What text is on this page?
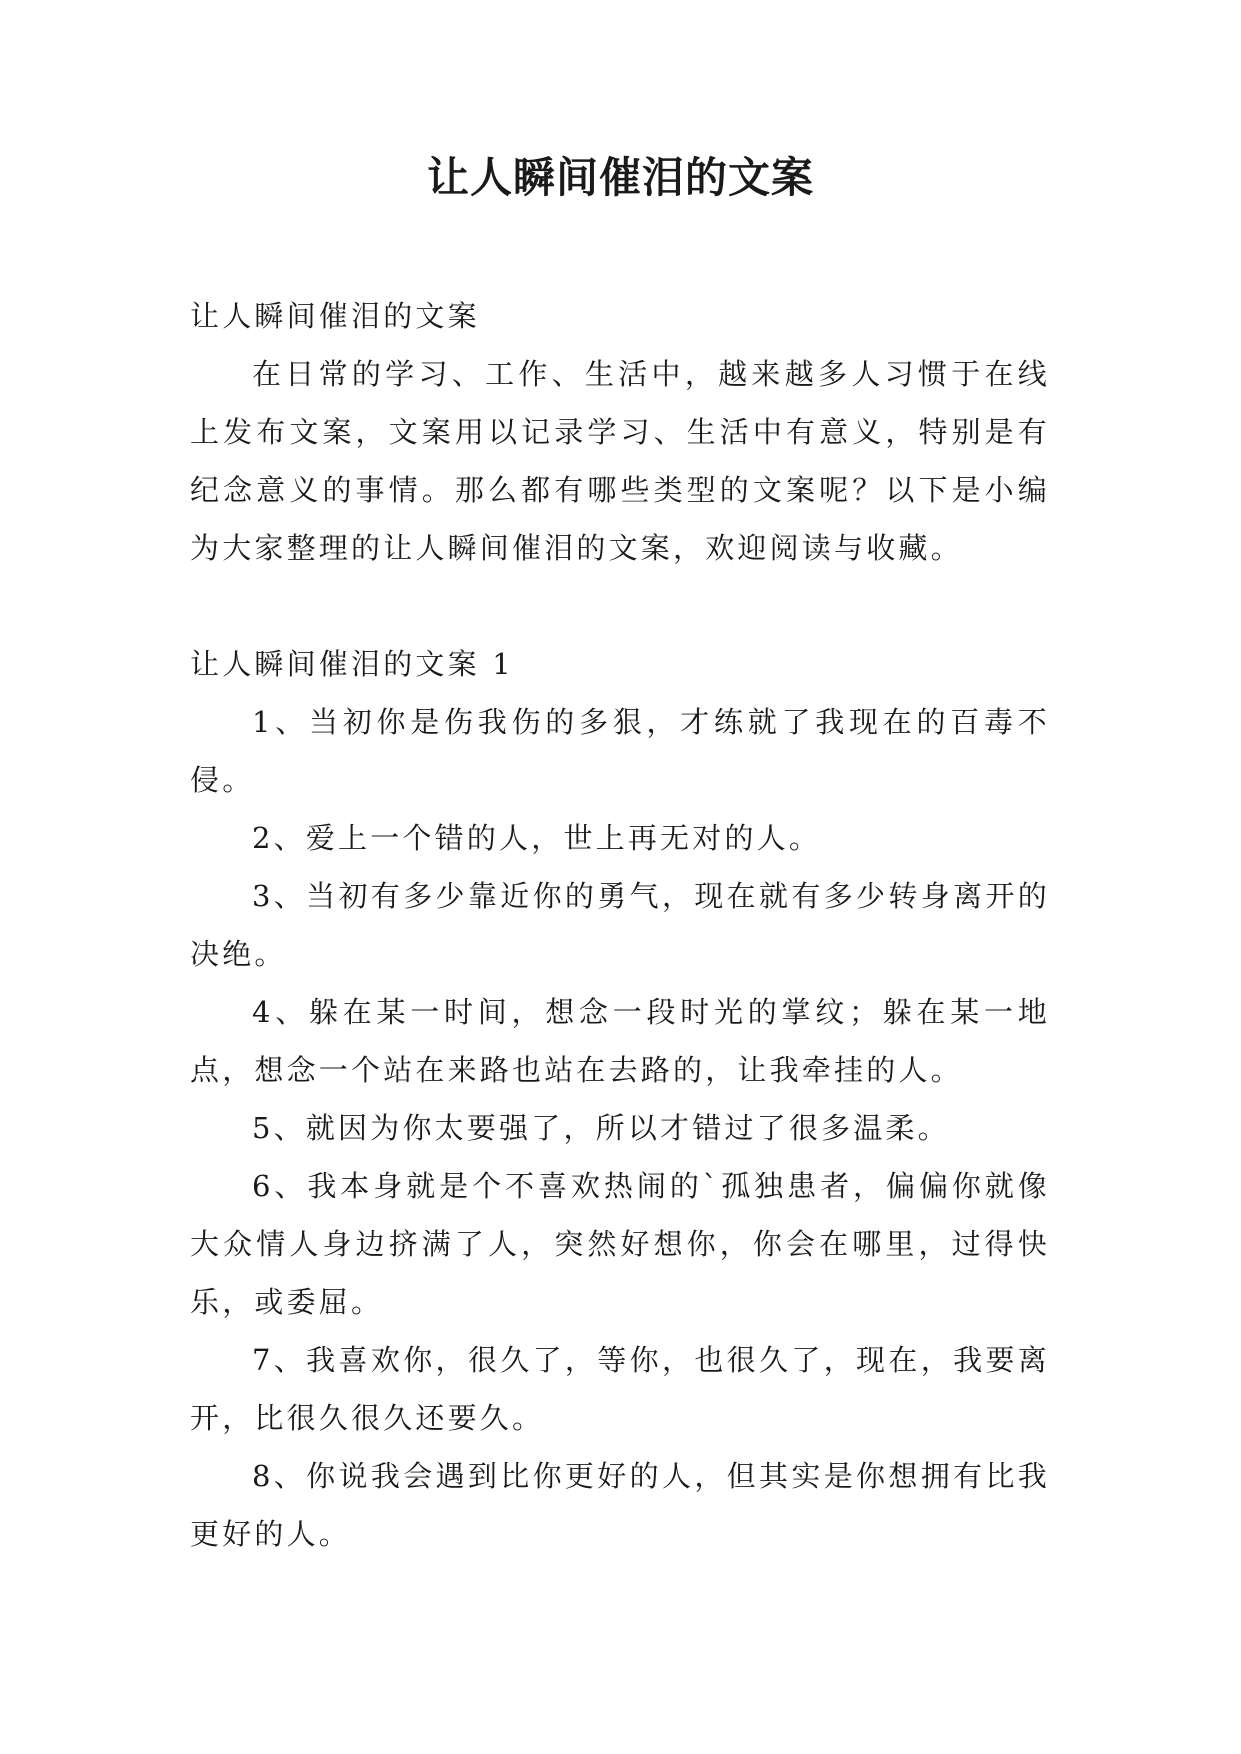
让人瞬间催泪的文案

让人瞬间催泪的文案

在日常的学习、工作、生活中，越来越多人习惯于在线上发布文案，文案用以记录学习、生活中有意义，特别是有纪念意义的事情。那么都有哪些类型的文案呢？以下是小编为大家整理的让人瞬间催泪的文案，欢迎阅读与收藏。

让人瞬间催泪的文案 1

1、当初你是伤我伤的多狠，才练就了我现在的百毒不侵。

2、爱上一个错的人，世上再无对的人。

3、当初有多少靠近你的勇气，现在就有多少转身离开的决绝。

4、躲在某一时间，想念一段时光的掌纹；躲在某一地点，想念一个站在来路也站在去路的，让我牵挂的人。

5、就因为你太要强了，所以才错过了很多温柔。

6、我本身就是个不喜欢热闹的`孤独患者，偏偏你就像大众情人身边挤满了人，突然好想你，你会在哪里，过得快乐，或委屈。

7、我喜欢你，很久了，等你，也很久了，现在，我要离开，比很久很久还要久。

8、你说我会遇到比你更好的人，但其实是你想拥有比我更好的人。
